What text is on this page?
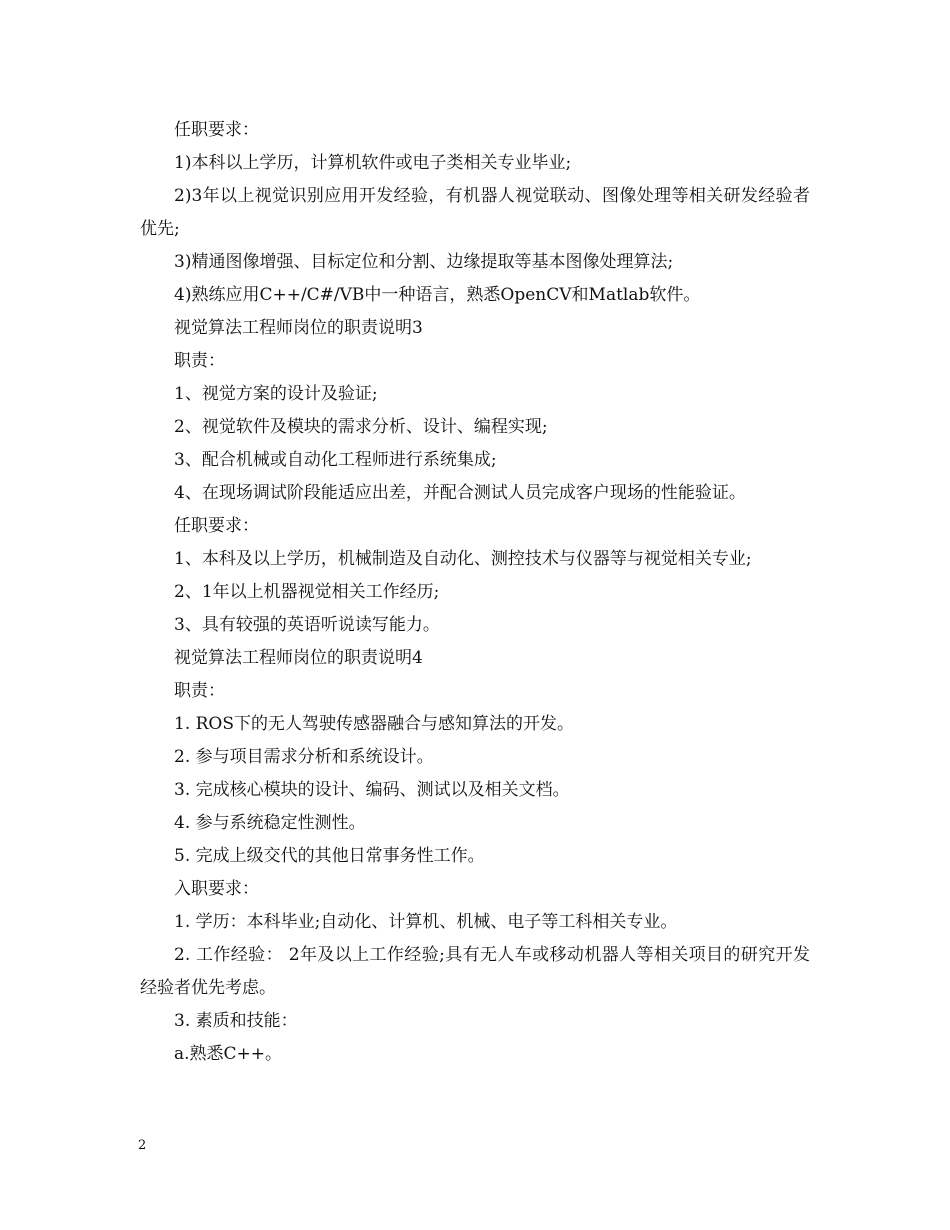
任职要求：

1)本科以上学历，计算机软件或电子类相关专业毕业;

2)3年以上视觉识别应用开发经验，有机器人视觉联动、图像处理等相关研发经验者优先;

3)精通图像增强、目标定位和分割、边缘提取等基本图像处理算法;

4)熟练应用C++/C#/VB中一种语言，熟悉OpenCV和Matlab软件。

视觉算法工程师岗位的职责说明3

职责：

1、视觉方案的设计及验证;

2、视觉软件及模块的需求分析、设计、编程实现;

3、配合机械或自动化工程师进行系统集成;

4、在现场调试阶段能适应出差，并配合测试人员完成客户现场的性能验证。

任职要求：

1、本科及以上学历，机械制造及自动化、测控技术与仪器等与视觉相关专业;

2、1年以上机器视觉相关工作经历;

3、具有较强的英语听说读写能力。

视觉算法工程师岗位的职责说明4

职责：

1. ROS下的无人驾驶传感器融合与感知算法的开发。

2. 参与项目需求分析和系统设计。

3. 完成核心模块的设计、编码、测试以及相关文档。

4. 参与系统稳定性测性。

5. 完成上级交代的其他日常事务性工作。

入职要求：

1. 学历：本科毕业;自动化、计算机、机械、电子等工科相关专业。

2. 工作经验： 2年及以上工作经验;具有无人车或移动机器人等相关项目的研究开发经验者优先考虑。

3. 素质和技能：

a.熟悉C++。

2
